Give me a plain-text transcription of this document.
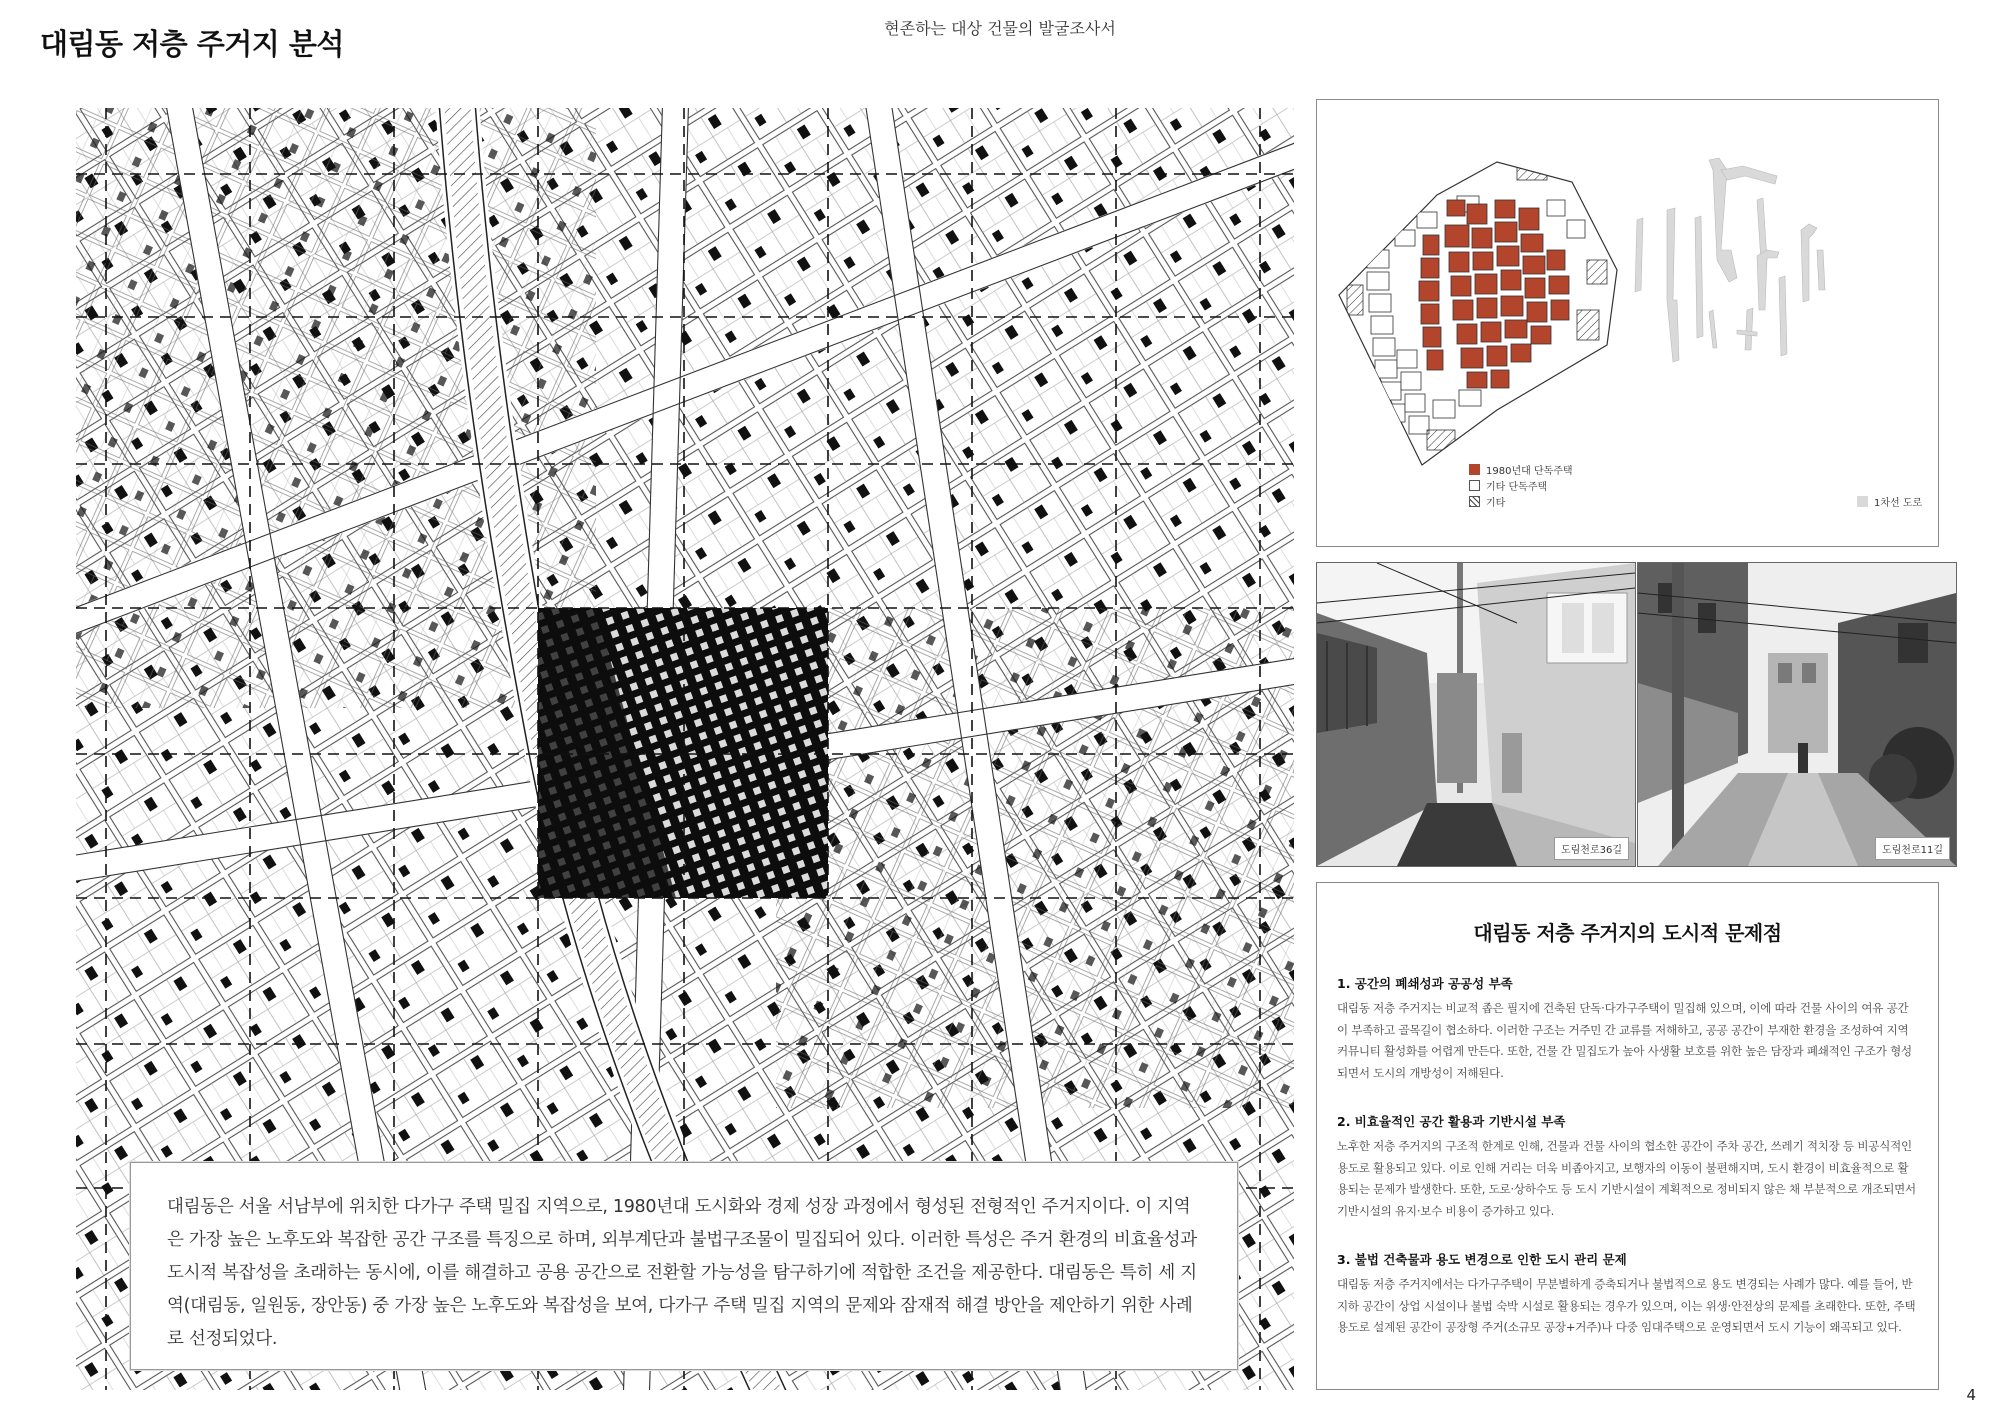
대림동 저층 주거지 분석	현존하는 대상 건물의 발굴조사서

대림동은 서울 서남부에 위치한 다가구 주택 밀집 지역으로, 1980년대 도시화와 경제 성장 과정에서 형성된 전형적인 주거지이다. 이 지역은 가장 높은 노후도와 복잡한 공간 구조를 특징으로 하며, 외부계단과 불법구조물이 밀집되어 있다. 이러한 특성은 주거 환경의 비효율성과 도시적 복잡성을 초래하는 동시에, 이를 해결하고 공용 공간으로 전환할 가능성을 탐구하기에 적합한 조건을 제공한다. 대림동은 특히 세 지역(대림동, 일원동, 장안동) 중 가장 높은 노후도와 복잡성을 보여, 다가구 주택 밀집 지역의 문제와 잠재적 해결 방안을 제안하기 위한 사례로 선정되었다.

1980년대 단독주택
기타 단독주택
기타	1차선 도로
도림천로36길	도림천로11길
대림동 저층 주거지의 도시적 문제점
1. 공간의 폐쇄성과 공공성 부족

대림동 저층 주거지는 비교적 좁은 필지에 건축된 단독·다가구주택이 밀집해 있으며, 이에 따라 건물 사이의 여유 공간이 부족하고 골목길이 협소하다. 이러한 구조는 거주민 간 교류를 저해하고, 공공 공간이 부재한 환경을 조성하여 지역 커뮤니티 활성화를 어렵게 만든다. 또한, 건물 간 밀집도가 높아 사생활 보호를 위한 높은 담장과 폐쇄적인 구조가 형성되면서 도시의 개방성이 저해된다.

2. 비효율적인 공간 활용과 기반시설 부족

노후한 저층 주거지의 구조적 한계로 인해, 건물과 건물 사이의 협소한 공간이 주차 공간, 쓰레기 적치장 등 비공식적인 용도로 활용되고 있다. 이로 인해 거리는 더욱 비좁아지고, 보행자의 이동이 불편해지며, 도시 환경이 비효율적으로 활용되는 문제가 발생한다. 또한, 도로·상하수도 등 도시 기반시설이 계획적으로 정비되지 않은 채 부분적으로 개조되면서 기반시설의 유지·보수 비용이 증가하고 있다.

3. 불법 건축물과 용도 변경으로 인한 도시 관리 문제

대림동 저층 주거지에서는 다가구주택이 무분별하게 증축되거나 불법적으로 용도 변경되는 사례가 많다. 예를 들어, 반지하 공간이 상업 시설이나 불법 숙박 시설로 활용되는 경우가 있으며, 이는 위생·안전상의 문제를 초래한다. 또한, 주택 용도로 설계된 공간이 공장형 주거(소규모 공장+거주)나 다중 임대주택으로 운영되면서 도시 기능이 왜곡되고 있다.

4
